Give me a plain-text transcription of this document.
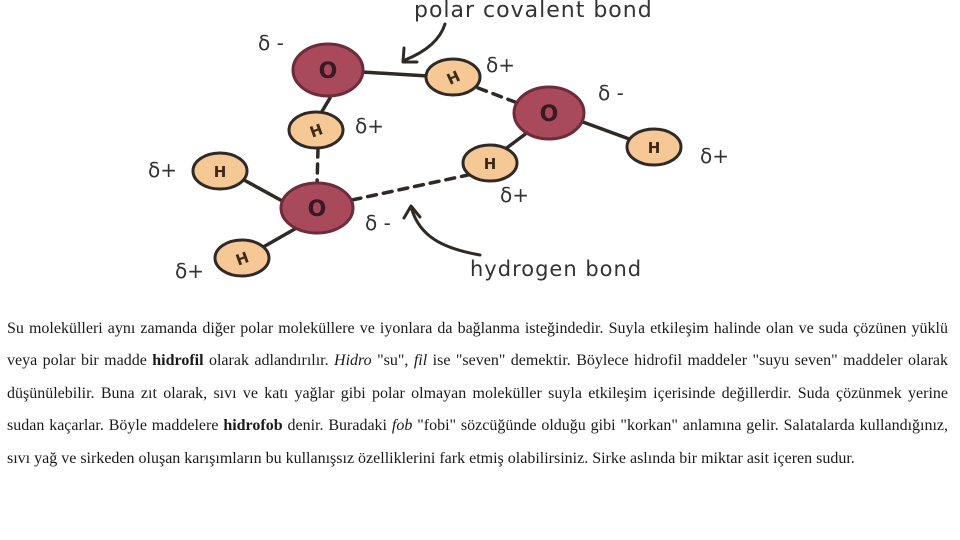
polar covalent bond
hydrogen bond
O
O
O
H
H
H
H
H
H
δ -
δ+
δ -
δ+
δ+
δ+
δ+
δ -
δ+

Su molekülleri aynı zamanda diğer polar moleküllere ve iyonlara da bağlanma isteğindedir. Suyla etkileşim halinde olan ve suda çözünen yüklü veya polar bir madde hidrofil olarak adlandırılır. Hidro "su", fil ise "seven" demektir. Böylece hidrofil maddeler "suyu seven" maddeler olarak düşünülebilir. Buna zıt olarak, sıvı ve katı yağlar gibi polar olmayan moleküller suyla etkileşim içerisinde değillerdir. Suda çözünmek yerine sudan kaçarlar. Böyle maddelere hidrofob denir. Buradaki fob "fobi" sözcüğünde olduğu gibi "korkan" anlamına gelir. Salatalarda kullandığınız, sıvı yağ ve sirkeden oluşan karışımların bu kullanışsız özelliklerini fark etmiş olabilirsiniz. Sirke aslında bir miktar asit içeren sudur.
